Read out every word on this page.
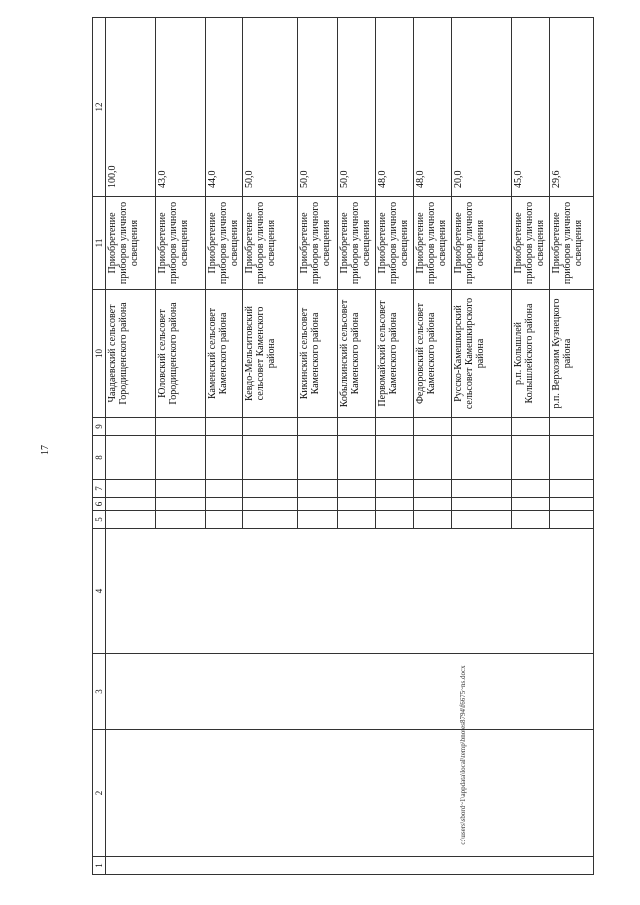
17
1	2	3	4	5	6	7	8	9	10	11	12
									Чаадаевский сельсовет Городищенского района	Приобретение приборов уличного освещения	100,0
									Юловский сельсовет Городищенского района	Приобретение приборов уличного освещения	43,0
									Каменский сельсовет Каменского района	Приобретение приборов уличного освещения	44,0
									Кевдо-Мельситовский сельсовет Каменского района	Приобретение приборов уличного освещения	50,0
									Кикинский сельсовет Каменского района	Приобретение приборов уличного освещения	50,0
									Кобылкинский сельсовет Каменского района	Приобретение приборов уличного освещения	50,0
									Первомайский сельсовет Каменского района	Приобретение приборов уличного освещения	48,0
									Федоровский сельсовет Каменского района	Приобретение приборов уличного освещения	48,0
									Русско-Камешкирский сельсовет Камешкирского района	Приобретение приборов уличного освещения	20,0
									р.п. Колышлей Колышлейского района	Приобретение приборов уличного освещения	45,0
									р.п. Верхозим Кузнецкого района	Приобретение приборов уличного освещения	29,6
c:\users\sbord~1\appdata\local\temp\bnotes8794\f6675~ns.docx
